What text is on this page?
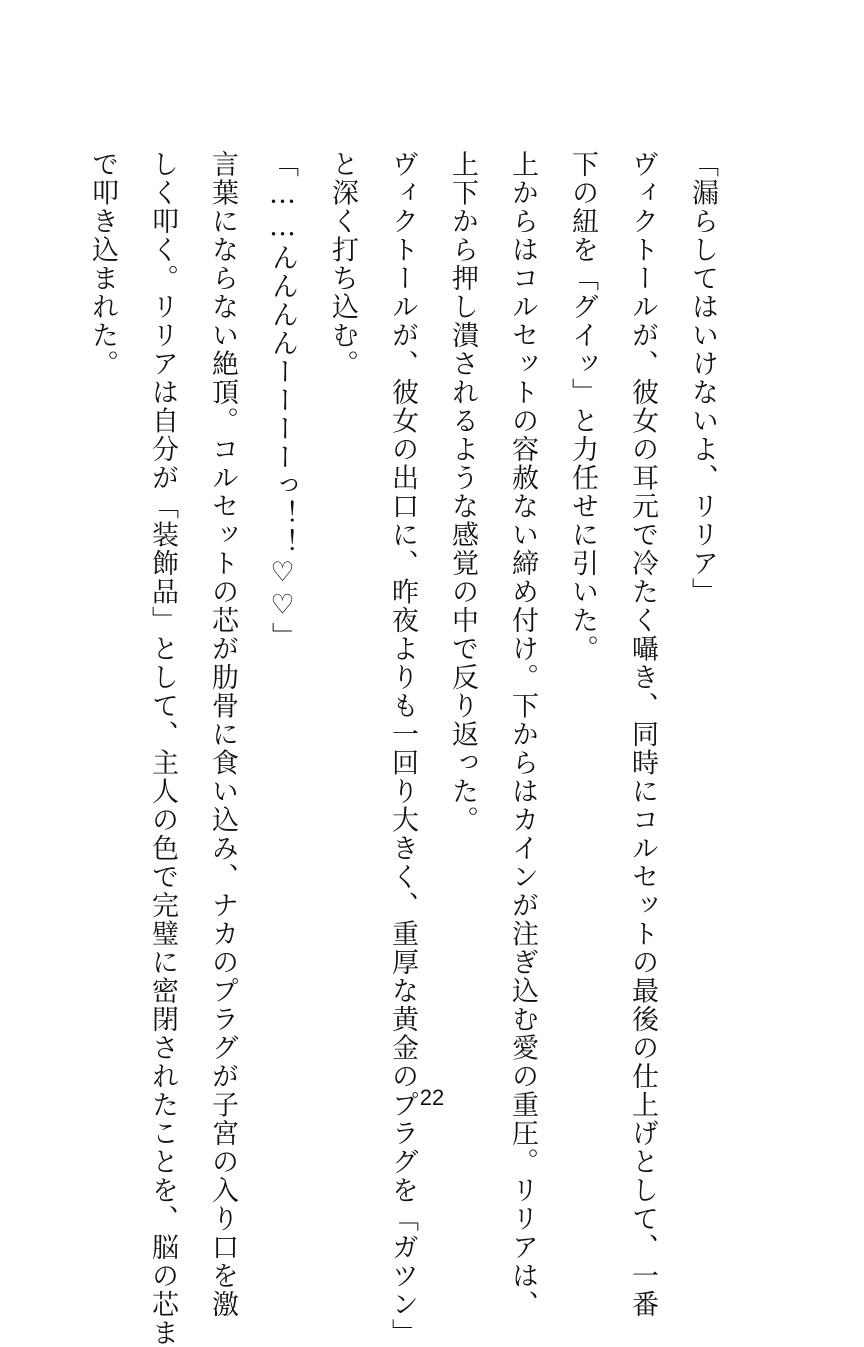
「漏らしてはいけないよ、リリア」
ヴィクトールが、彼女の耳元で冷たく囁き、同時にコルセットの最後の仕上げとして、一番
下の紐を「グイッ」と力任せに引いた。
上からはコルセットの容赦ない締め付け。下からはカインが注ぎ込む愛の重圧。リリアは、
上下から押し潰されるような感覚の中で反り返った。
ヴィクトールが、彼女の出口に、昨夜よりも一回り大きく、重厚な黄金のプラグを「ガツン」
と深く打ち込む。
「……んんんんーーーーっ！！♡♡」
言葉にならない絶頂。コルセットの芯が肋骨に食い込み、ナカのプラグが子宮の入り口を激
しく叩く。リリアは自分が「装飾品」として、主人の色で完璧に密閉されたことを、脳の芯ま
で叩き込まれた。
22
